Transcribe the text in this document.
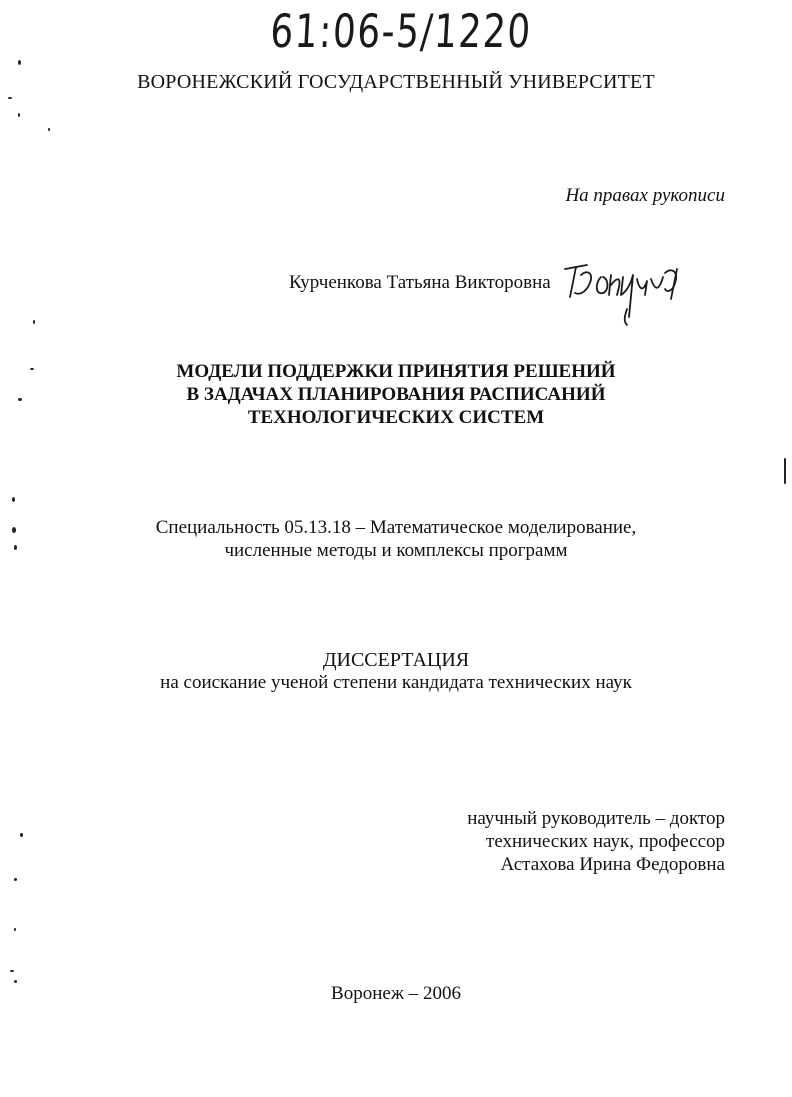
61:06-5/1220
ВОРОНЕЖСКИЙ ГОСУДАРСТВЕННЫЙ УНИВЕРСИТЕТ
На правах рукописи
Курченкова Татьяна Викторовна
МОДЕЛИ ПОДДЕРЖКИ ПРИНЯТИЯ РЕШЕНИЙ
В ЗАДАЧАХ ПЛАНИРОВАНИЯ РАСПИСАНИЙ
ТЕХНОЛОГИЧЕСКИХ СИСТЕМ
Специальность 05.13.18 – Математическое моделирование,
численные методы и комплексы программ
ДИССЕРТАЦИЯ
на соискание ученой степени кандидата технических наук
научный руководитель – доктор
технических наук, профессор
Астахова Ирина Федоровна
Воронеж – 2006
